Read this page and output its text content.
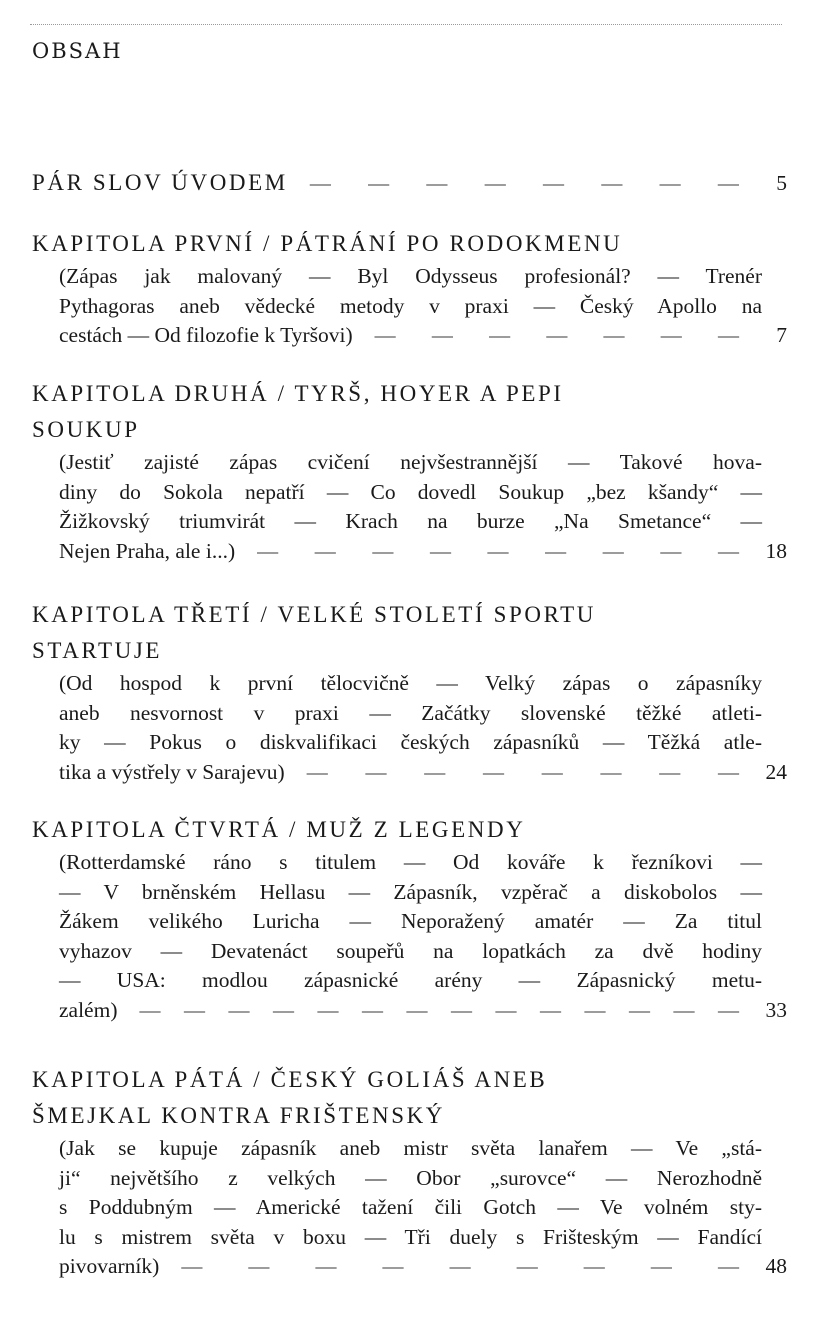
OBSAH
PÁR SLOV ÚVODEM — — — — — — — —	5
KAPITOLA PRVNÍ / PÁTRÁNÍ PO RODOKMENU
(Zápas jak malovaný — Byl Odysseus profesionál? — Trenér
Pythagoras aneb vědecké metody v praxi — Český Apollo na
cestách — Od filozofie k Tyršovi) — — — — — — —	7
KAPITOLA DRUHÁ / TYRŠ, HOYER A PEPI
SOUKUP
(Jestiť zajisté zápas cvičení nejvšestrannější — Takové hova-
diny do Sokola nepatří — Co dovedl Soukup „bez kšandy“ —
Žižkovský triumvirát — Krach na burze „Na Smetance“ —
Nejen Praha, ale i...) — — — — — — — — —	18
KAPITOLA TŘETÍ / VELKÉ STOLETÍ SPORTU
STARTUJE
(Od hospod k první tělocvičně — Velký zápas o zápasníky
aneb nesvornost v praxi — Začátky slovenské těžké atleti-
ky — Pokus o diskvalifikaci českých zápasníků — Těžká atle-
tika a výstřely v Sarajevu) — — — — — — — —	24
KAPITOLA ČTVRTÁ / MUŽ Z LEGENDY
(Rotterdamské ráno s titulem — Od kováře k řezníkovi —
— V brněnském Hellasu — Zápasník, vzpěrač a diskobolos —
Žákem velikého Luricha — Neporažený amatér — Za titul
vyhazov — Devatenáct soupeřů na lopatkách za dvě hodiny
— USA: modlou zápasnické arény — Zápasnický metu-
zalém) — — — — — — — — — — — — — —	33
KAPITOLA PÁTÁ / ČESKÝ GOLIÁŠ ANEB
ŠMEJKAL KONTRA FRIŠTENSKÝ
(Jak se kupuje zápasník aneb mistr světa lanařem — Ve „stá-
ji“ největšího z velkých — Obor „surovce“ — Nerozhodně
s Poddubným — Americké tažení čili Gotch — Ve volném sty-
lu s mistrem světa v boxu — Tři duely s Frišteským — Fandící
pivovarník) — — — — — — — — —	48
